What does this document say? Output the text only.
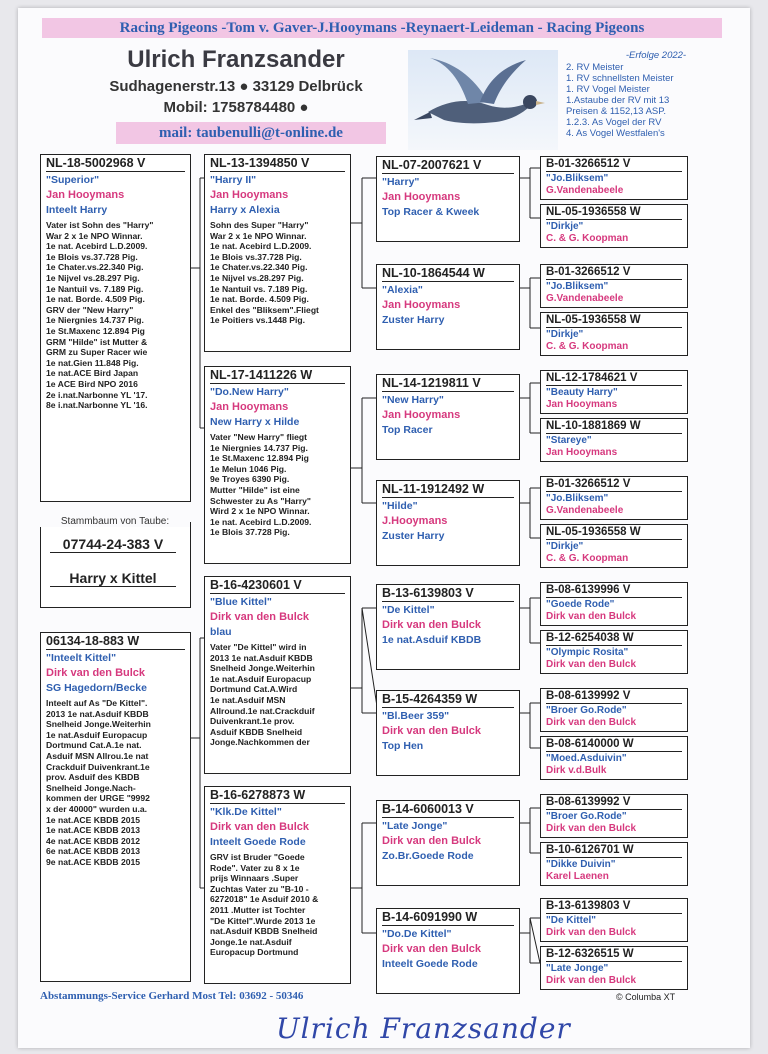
Racing Pigeons -Tom v. Gaver-J.Hooymans -Reynaert-Leideman - Racing Pigeons
Ulrich Franzsander
Sudhagenerstr.13 ● 33129 Delbrück
Mobil: 1758784480 ●
mail: taubenulli@t-online.de
-Erfolge 2022-
2. RV Meister
1. RV schnellsten Meister
1. RV Vogel Meister
1.Astaube der RV mit 13
Preisen & 1152,13 ASP.
1.2.3. As Vogel der RV
4. As Vogel Westfalen's
NL-18-5002968 V
"Superior"
Jan Hooymans
Inteelt Harry
Vater ist Sohn des "Harry"
War 2 x 1e NPO Winnar.
1e nat. Acebird L.D.2009.
1e Blois vs.37.728 Pig.
1e Chater.vs.22.340 Pig.
1e Nijvel vs.28.297 Pig.
1e Nantuil vs. 7.189 Pig.
1e nat. Borde. 4.509 Pig.
GRV der "New Harry"
1e Niergnies 14.737 Pig.
1e St.Maxenc 12.894 Pig
GRM "Hilde" ist Mutter &
GRM zu Super Racer wie
1e nat.Gien 11.848 Pig.
1e nat.ACE Bird Japan
1e ACE Bird NPO 2016
2e i.nat.Narbonne YL '17.
8e i.nat.Narbonne YL '16.
Stammbaum von Taube:
07744-24-383 V
Harry x Kittel
06134-18-883 W
"Inteelt Kittel"
Dirk van den Bulck
SG Hagedorn/Becke
Inteelt auf As "De Kittel".
2013 1e nat.Asduif KBDB
Snelheid Jonge.Weiterhin
1e nat.Asduif Europacup
Dortmund Cat.A.1e nat.
Asduif MSN Allrou.1e nat
Crackduif Duivenkrant.1e
prov. Asduif des KBDB
Snelheid Jonge.Nach-
kommen der URGE "9992
x der 40000" wurden u.a.
1e nat.ACE KBDB 2015
1e nat.ACE KBDB 2013
4e nat.ACE KBDB 2012
6e nat.ACE KBDB 2013
9e nat.ACE KBDB 2015
NL-13-1394850 V
"Harry II"
Jan Hooymans
Harry x Alexia
Sohn des Super "Harry"
War 2 x 1e NPO Winnar.
1e nat. Acebird L.D.2009.
1e Blois vs.37.728 Pig.
1e Chater.vs.22.340 Pig.
1e Nijvel vs.28.297 Pig.
1e Nantuil vs. 7.189 Pig.
1e nat. Borde. 4.509 Pig.
Enkel des "Bliksem".Fliegt
1e Poitiers vs.1448 Pig.
NL-17-1411226 W
"Do.New Harry"
Jan Hooymans
New Harry x Hilde
Vater "New Harry" fliegt
1e Niergnies 14.737 Pig.
1e St.Maxenc 12.894 Pig
1e Melun 1046 Pig.
9e Troyes 6390 Pig.
Mutter "Hilde" ist eine
Schwester zu As "Harry"
Wird 2 x 1e NPO Winnar.
1e nat. Acebird L.D.2009.
1e Blois 37.728 Pig.
B-16-4230601 V
"Blue Kittel"
Dirk van den Bulck
blau
Vater "De Kittel" wird in
2013 1e nat.Asduif KBDB
Snelheid Jonge.Weiterhin
1e nat.Asduif Europacup
Dortmund Cat.A.Wird
1e nat.Asduif MSN
Allround.1e nat.Crackduif
Duivenkrant.1e prov.
Asduif KBDB Snelheid
Jonge.Nachkommen der
B-16-6278873 W
"Klk.De Kittel"
Dirk van den Bulck
Inteelt Goede Rode
GRV ist Bruder "Goede
Rode". Vater zu 8 x 1e
prijs Winnaars .Super
Zuchtas Vater zu "B-10 -
6272018" 1e Asduif 2010 &
2011 .Mutter ist Tochter
"De Kittel".Wurde 2013 1e
nat.Asduif KBDB Snelheid
Jonge.1e nat.Asduif
Europacup Dortmund
NL-07-2007621 V
"Harry"
Jan Hooymans
Top Racer & Kweek
NL-10-1864544 W
"Alexia"
Jan Hooymans
Zuster Harry
NL-14-1219811 V
"New Harry"
Jan Hooymans
Top Racer
NL-11-1912492 W
"Hilde"
J.Hooymans
Zuster Harry
B-13-6139803 V
"De Kittel"
Dirk van den Bulck
1e nat.Asduif KBDB
B-15-4264359 W
"Bl.Beer 359"
Dirk van den Bulck
Top Hen
B-14-6060013 V
"Late Jonge"
Dirk van den Bulck
Zo.Br.Goede Rode
B-14-6091990 W
"Do.De Kittel"
Dirk van den Bulck
Inteelt Goede Rode
B-01-3266512 V
"Jo.Bliksem"
G.Vandenabeele
NL-05-1936558 W
"Dirkje"
C. & G. Koopman
B-01-3266512 V
"Jo.Bliksem"
G.Vandenabeele
NL-05-1936558 W
"Dirkje"
C. & G. Koopman
NL-12-1784621 V
"Beauty Harry"
Jan Hooymans
NL-10-1881869 W
"Stareye"
Jan Hooymans
B-01-3266512 V
"Jo.Bliksem"
G.Vandenabeele
NL-05-1936558 W
"Dirkje"
C. & G. Koopman
B-08-6139996 V
"Goede Rode"
Dirk van den Bulck
B-12-6254038 W
"Olympic Rosita"
Dirk van den Bulck
B-08-6139992 V
"Broer Go.Rode"
Dirk van den Bulck
B-08-6140000 W
"Moed.Asduivin"
Dirk v.d.Bulk
B-08-6139992 V
"Broer Go.Rode"
Dirk van den Bulck
B-10-6126701 W
"Dikke Duivin"
Karel Laenen
B-13-6139803 V
"De Kittel"
Dirk van den Bulck
B-12-6326515 W
"Late Jonge"
Dirk van den Bulck
Abstammungs-Service Gerhard Most Tel: 03692 - 50346	© Columba XT
Ulrich Franzsander
